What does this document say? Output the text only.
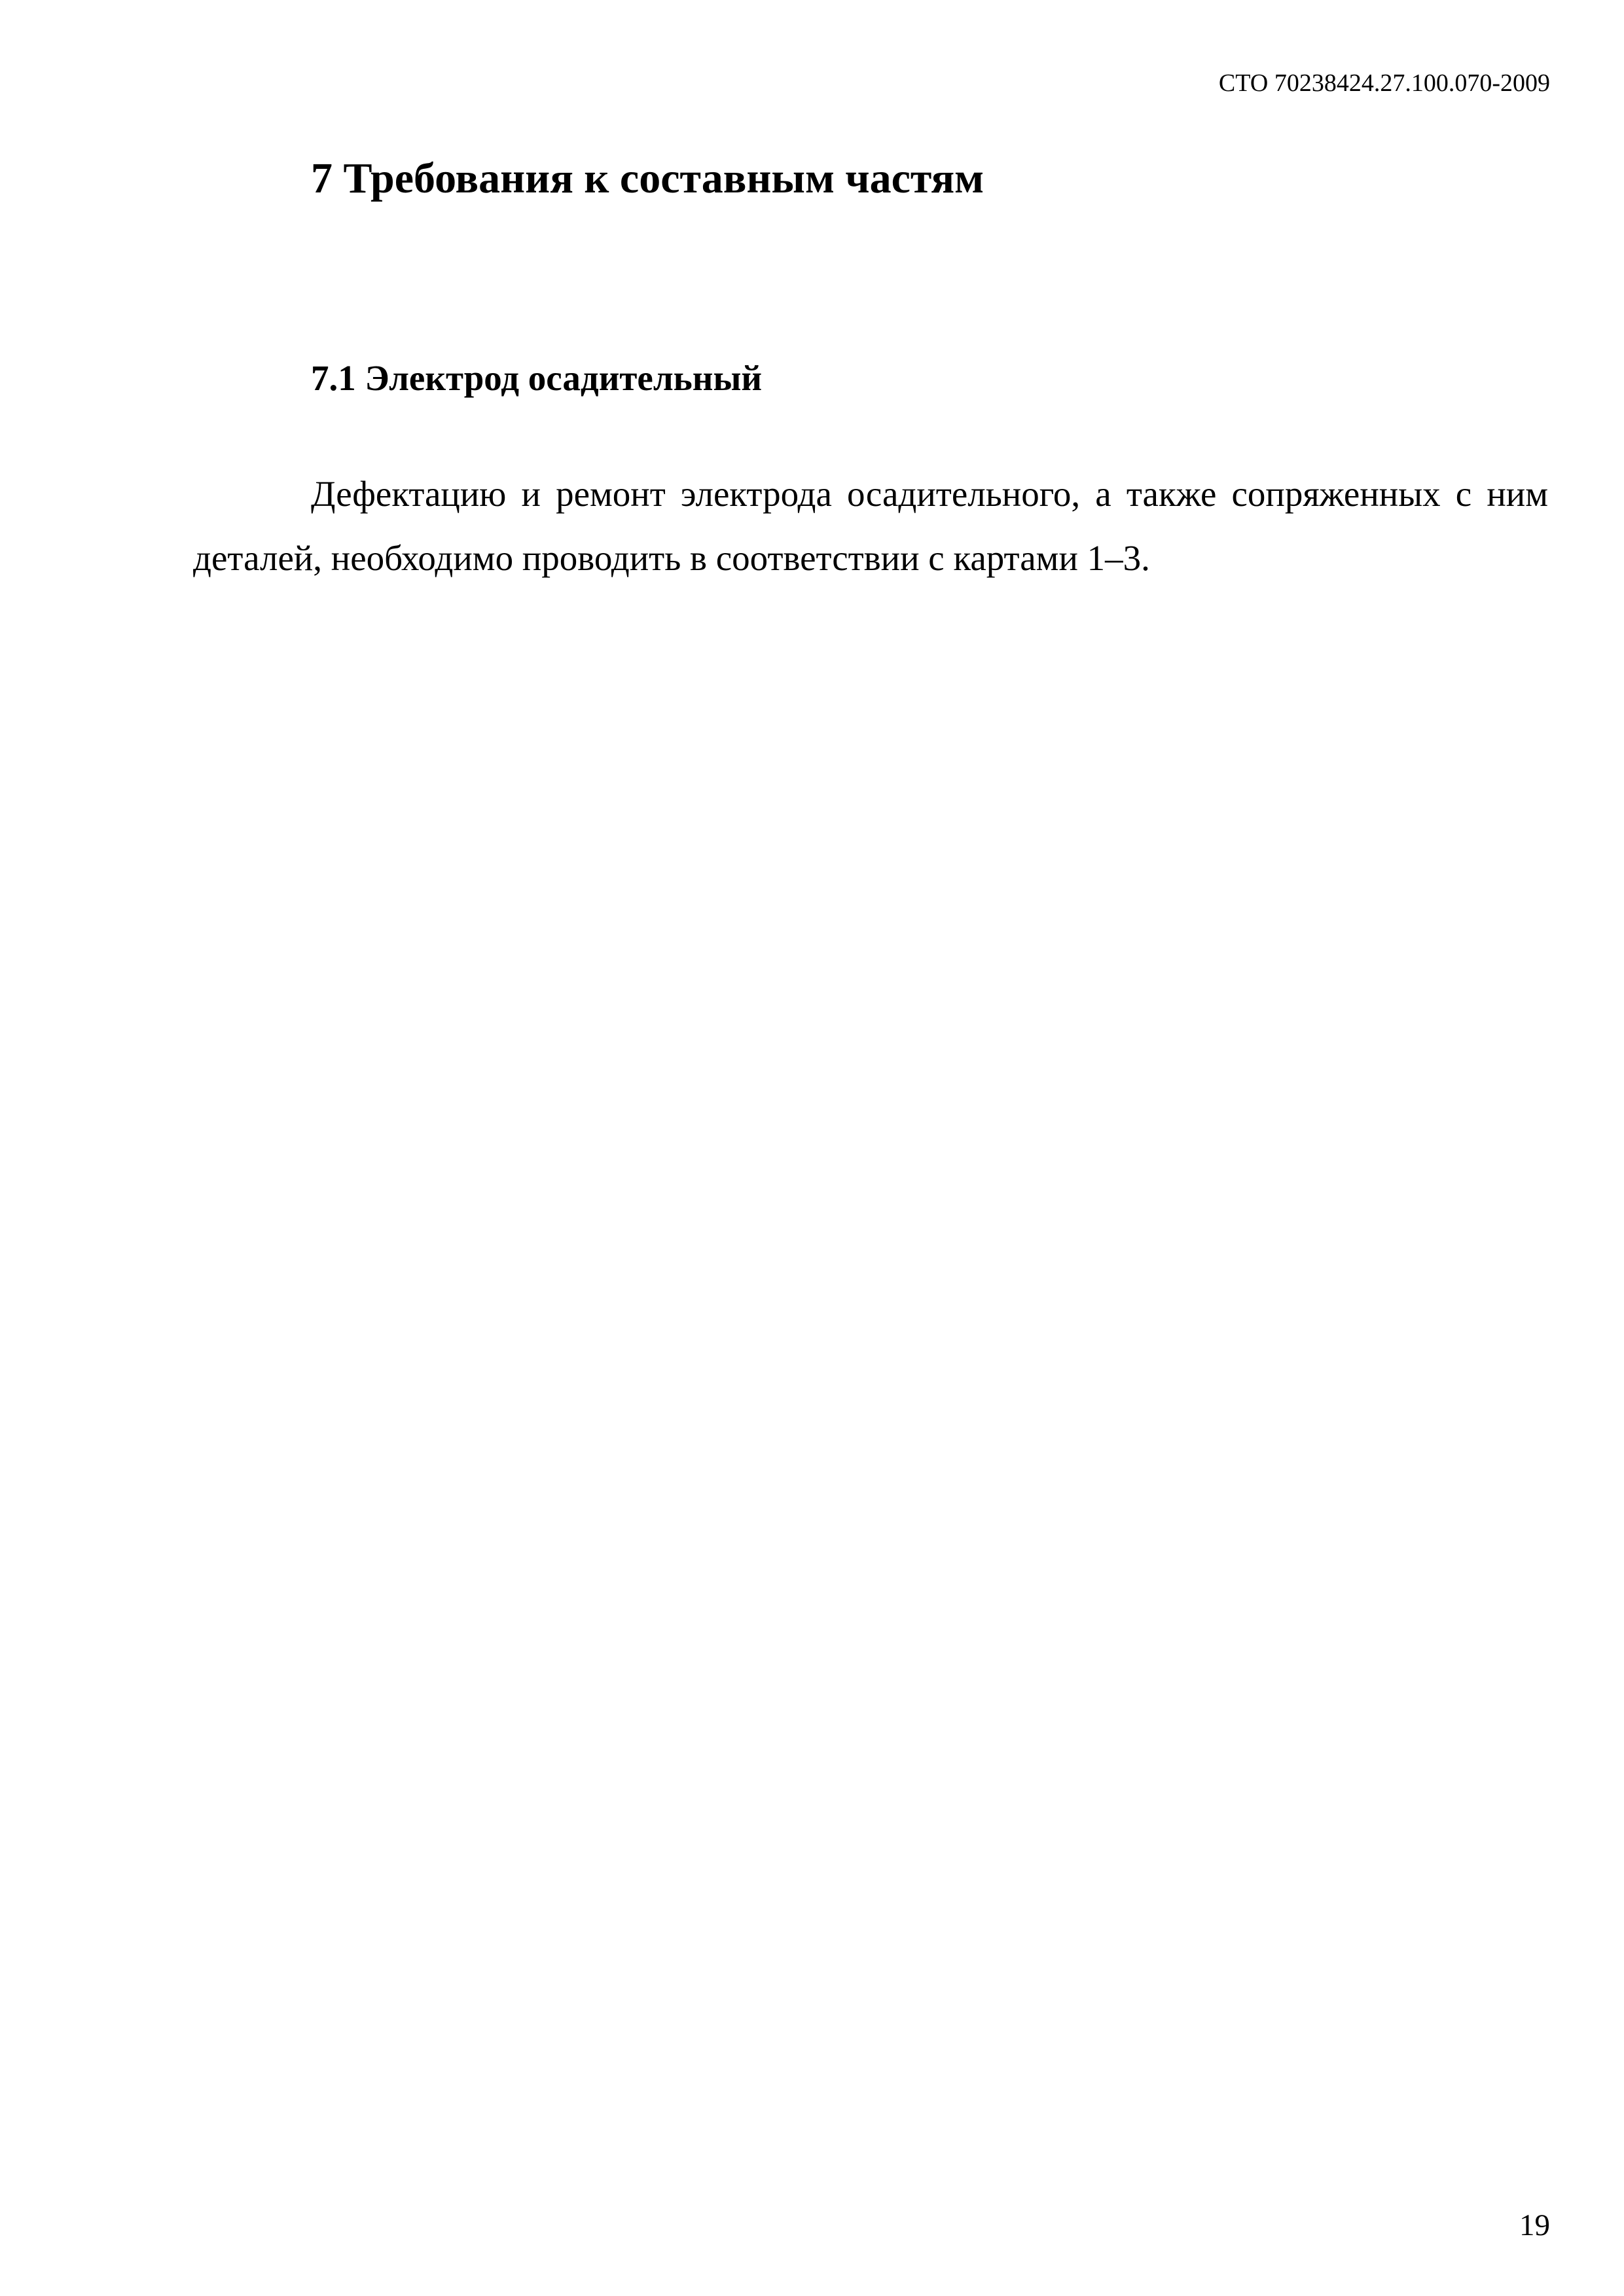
СТО 70238424.27.100.070-2009
7 Требования к составным частям
7.1 Электрод осадительный

Дефектацию и ремонт электрода осадительного, а также сопряженных с ним деталей, необходимо проводить в соответствии с картами 1–3.

19
